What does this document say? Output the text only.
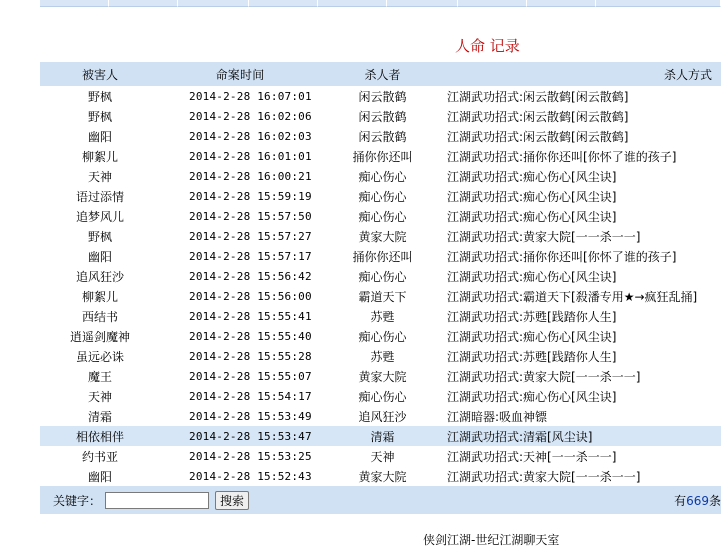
人命 记录
被害人	命案时间	杀人者	杀人方式
野枫	2014-2-28 16:07:01	闲云散鹤	江湖武功招式:闲云散鹤[闲云散鹤]
野枫	2014-2-28 16:02:06	闲云散鹤	江湖武功招式:闲云散鹤[闲云散鹤]
幽阳	2014-2-28 16:02:03	闲云散鹤	江湖武功招式:闲云散鹤[闲云散鹤]
柳絮儿	2014-2-28 16:01:01	捅你你还叫	江湖武功招式:捅你你还叫[你怀了谁的孩子]
天神	2014-2-28 16:00:21	痴心伤心	江湖武功招式:痴心伤心[风尘诀]
语过添情	2014-2-28 15:59:19	痴心伤心	江湖武功招式:痴心伤心[风尘诀]
追梦风儿	2014-2-28 15:57:50	痴心伤心	江湖武功招式:痴心伤心[风尘诀]
野枫	2014-2-28 15:57:27	黄家大院	江湖武功招式:黄家大院[一一杀一一]
幽阳	2014-2-28 15:57:17	捅你你还叫	江湖武功招式:捅你你还叫[你怀了谁的孩子]
追风狂沙	2014-2-28 15:56:42	痴心伤心	江湖武功招式:痴心伤心[风尘诀]
柳絮儿	2014-2-28 15:56:00	霸道天下	江湖武功招式:霸道天下[殺潘专用★→疯狂乱捅]
西结书	2014-2-28 15:55:41	苏甦	江湖武功招式:苏甦[践踏你人生]
逍遥剑魔神	2014-2-28 15:55:40	痴心伤心	江湖武功招式:痴心伤心[风尘诀]
虽远必诛	2014-2-28 15:55:28	苏甦	江湖武功招式:苏甦[践踏你人生]
魔王	2014-2-28 15:55:07	黄家大院	江湖武功招式:黄家大院[一一杀一一]
天神	2014-2-28 15:54:17	痴心伤心	江湖武功招式:痴心伤心[风尘诀]
清霜	2014-2-28 15:53:49	追风狂沙	江湖暗器:吸血神镖
相依相伴	2014-2-28 15:53:47	清霜	江湖武功招式:清霜[风尘诀]
约书亚	2014-2-28 15:53:25	天神	江湖武功招式:天神[一一杀一一]
幽阳	2014-2-28 15:52:43	黄家大院	江湖武功招式:黄家大院[一一杀一一]
关键字：	搜索	有669条
侠剑江湖-世纪江湖聊天室
